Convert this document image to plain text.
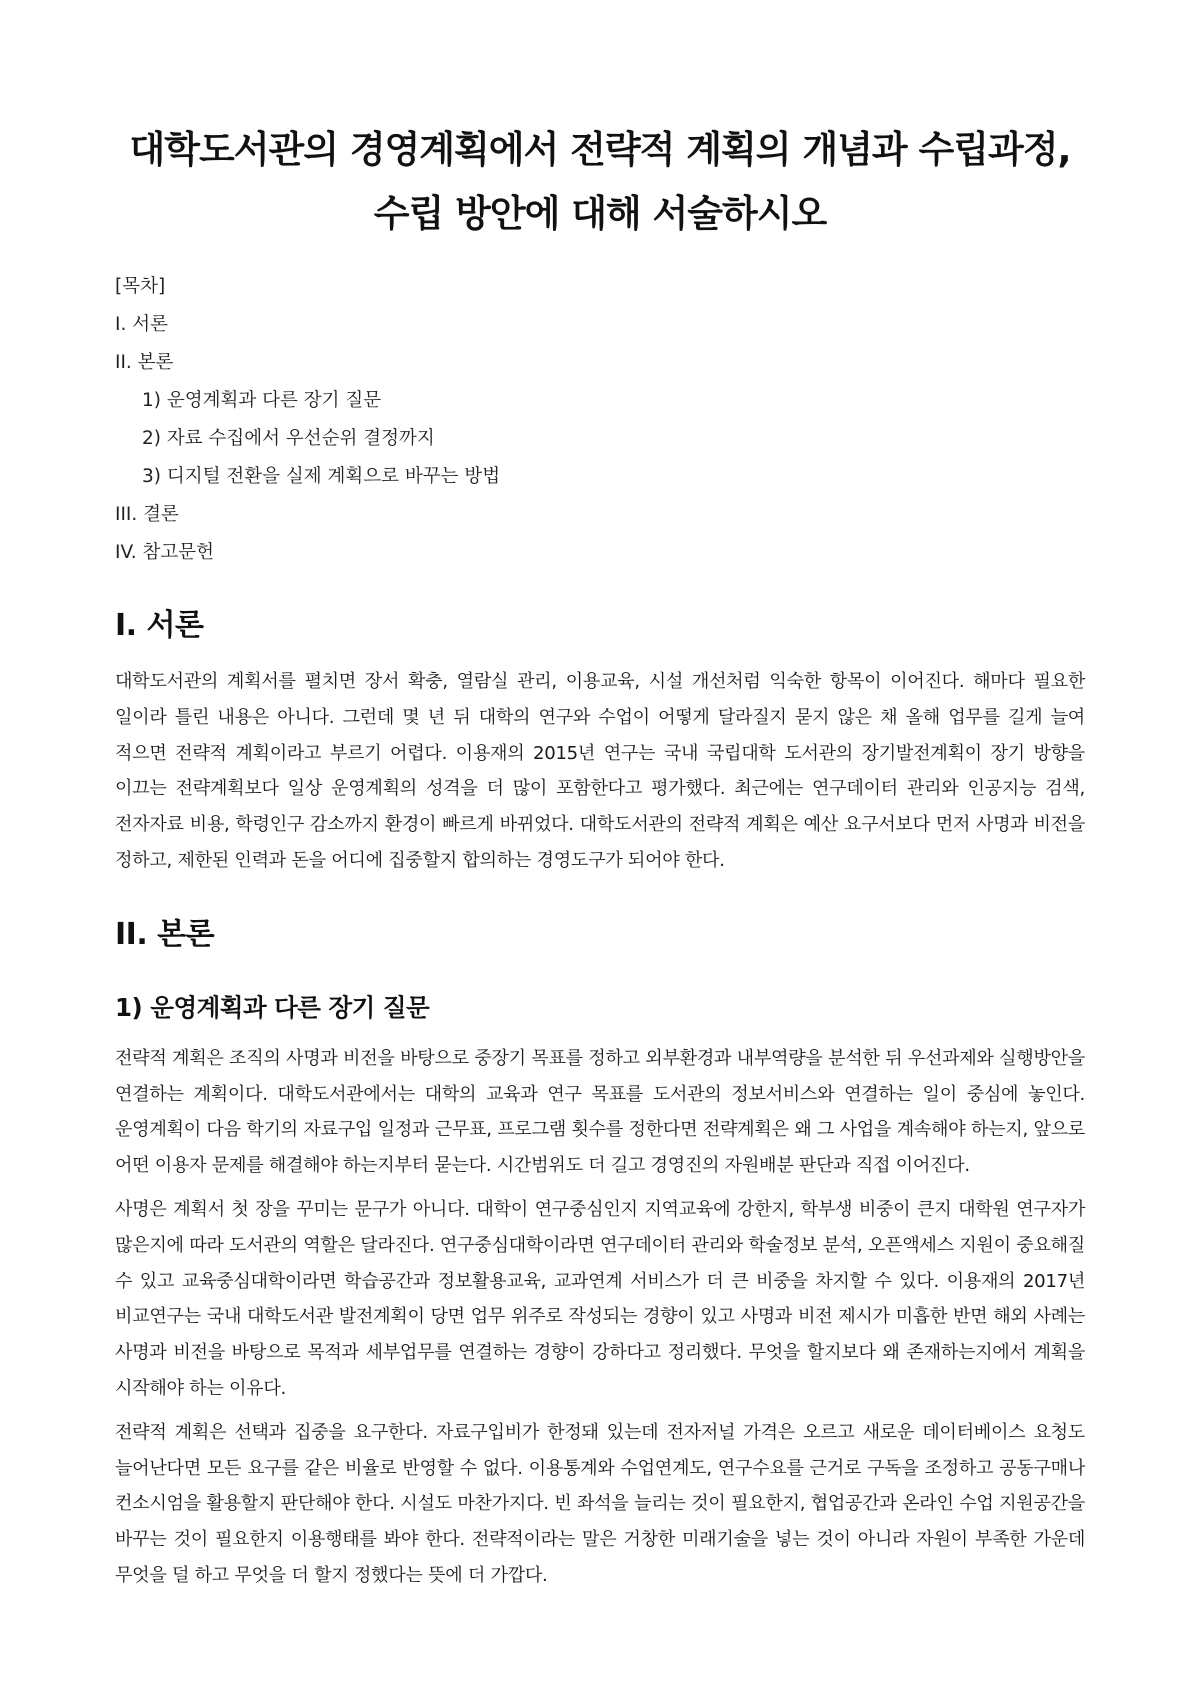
대학도서관의 경영계획에서 전략적 계획의 개념과 수립과정,
수립 방안에 대해 서술하시오
[목차]
I. 서론
II. 본론
1) 운영계획과 다른 장기 질문
2) 자료 수집에서 우선순위 결정까지
3) 디지털 전환을 실제 계획으로 바꾸는 방법
III. 결론
IV. 참고문헌
I. 서론

대학도서관의 계획서를 펼치면 장서 확충, 열람실 관리, 이용교육, 시설 개선처럼 익숙한 항목이 이어진다. 해마다 필요한 일이라 틀린 내용은 아니다. 그런데 몇 년 뒤 대학의 연구와 수업이 어떻게 달라질지 묻지 않은 채 올해 업무를 길게 늘여 적으면 전략적 계획이라고 부르기 어렵다. 이용재의 2015년 연구는 국내 국립대학 도서관의 장기발전계획이 장기 방향을 이끄는 전략계획보다 일상 운영계획의 성격을 더 많이 포함한다고 평가했다. 최근에는 연구데이터 관리와 인공지능 검색, 전자자료 비용, 학령인구 감소까지 환경이 빠르게 바뀌었다. 대학도서관의 전략적 계획은 예산 요구서보다 먼저 사명과 비전을 정하고, 제한된 인력과 돈을 어디에 집중할지 합의하는 경영도구가 되어야 한다.

II. 본론
1) 운영계획과 다른 장기 질문

전략적 계획은 조직의 사명과 비전을 바탕으로 중장기 목표를 정하고 외부환경과 내부역량을 분석한 뒤 우선과제와 실행방안을 연결하는 계획이다. 대학도서관에서는 대학의 교육과 연구 목표를 도서관의 정보서비스와 연결하는 일이 중심에 놓인다. 운영계획이 다음 학기의 자료구입 일정과 근무표, 프로그램 횟수를 정한다면 전략계획은 왜 그 사업을 계속해야 하는지, 앞으로 어떤 이용자 문제를 해결해야 하는지부터 묻는다. 시간범위도 더 길고 경영진의 자원배분 판단과 직접 이어진다.

사명은 계획서 첫 장을 꾸미는 문구가 아니다. 대학이 연구중심인지 지역교육에 강한지, 학부생 비중이 큰지 대학원 연구자가 많은지에 따라 도서관의 역할은 달라진다. 연구중심대학이라면 연구데이터 관리와 학술정보 분석, 오픈액세스 지원이 중요해질 수 있고 교육중심대학이라면 학습공간과 정보활용교육, 교과연계 서비스가 더 큰 비중을 차지할 수 있다. 이용재의 2017년 비교연구는 국내 대학도서관 발전계획이 당면 업무 위주로 작성되는 경향이 있고 사명과 비전 제시가 미흡한 반면 해외 사례는 사명과 비전을 바탕으로 목적과 세부업무를 연결하는 경향이 강하다고 정리했다. 무엇을 할지보다 왜 존재하는지에서 계획을 시작해야 하는 이유다.

전략적 계획은 선택과 집중을 요구한다. 자료구입비가 한정돼 있는데 전자저널 가격은 오르고 새로운 데이터베이스 요청도 늘어난다면 모든 요구를 같은 비율로 반영할 수 없다. 이용통계와 수업연계도, 연구수요를 근거로 구독을 조정하고 공동구매나 컨소시엄을 활용할지 판단해야 한다. 시설도 마찬가지다. 빈 좌석을 늘리는 것이 필요한지, 협업공간과 온라인 수업 지원공간을 바꾸는 것이 필요한지 이용행태를 봐야 한다. 전략적이라는 말은 거창한 미래기술을 넣는 것이 아니라 자원이 부족한 가운데 무엇을 덜 하고 무엇을 더 할지 정했다는 뜻에 더 가깝다.
